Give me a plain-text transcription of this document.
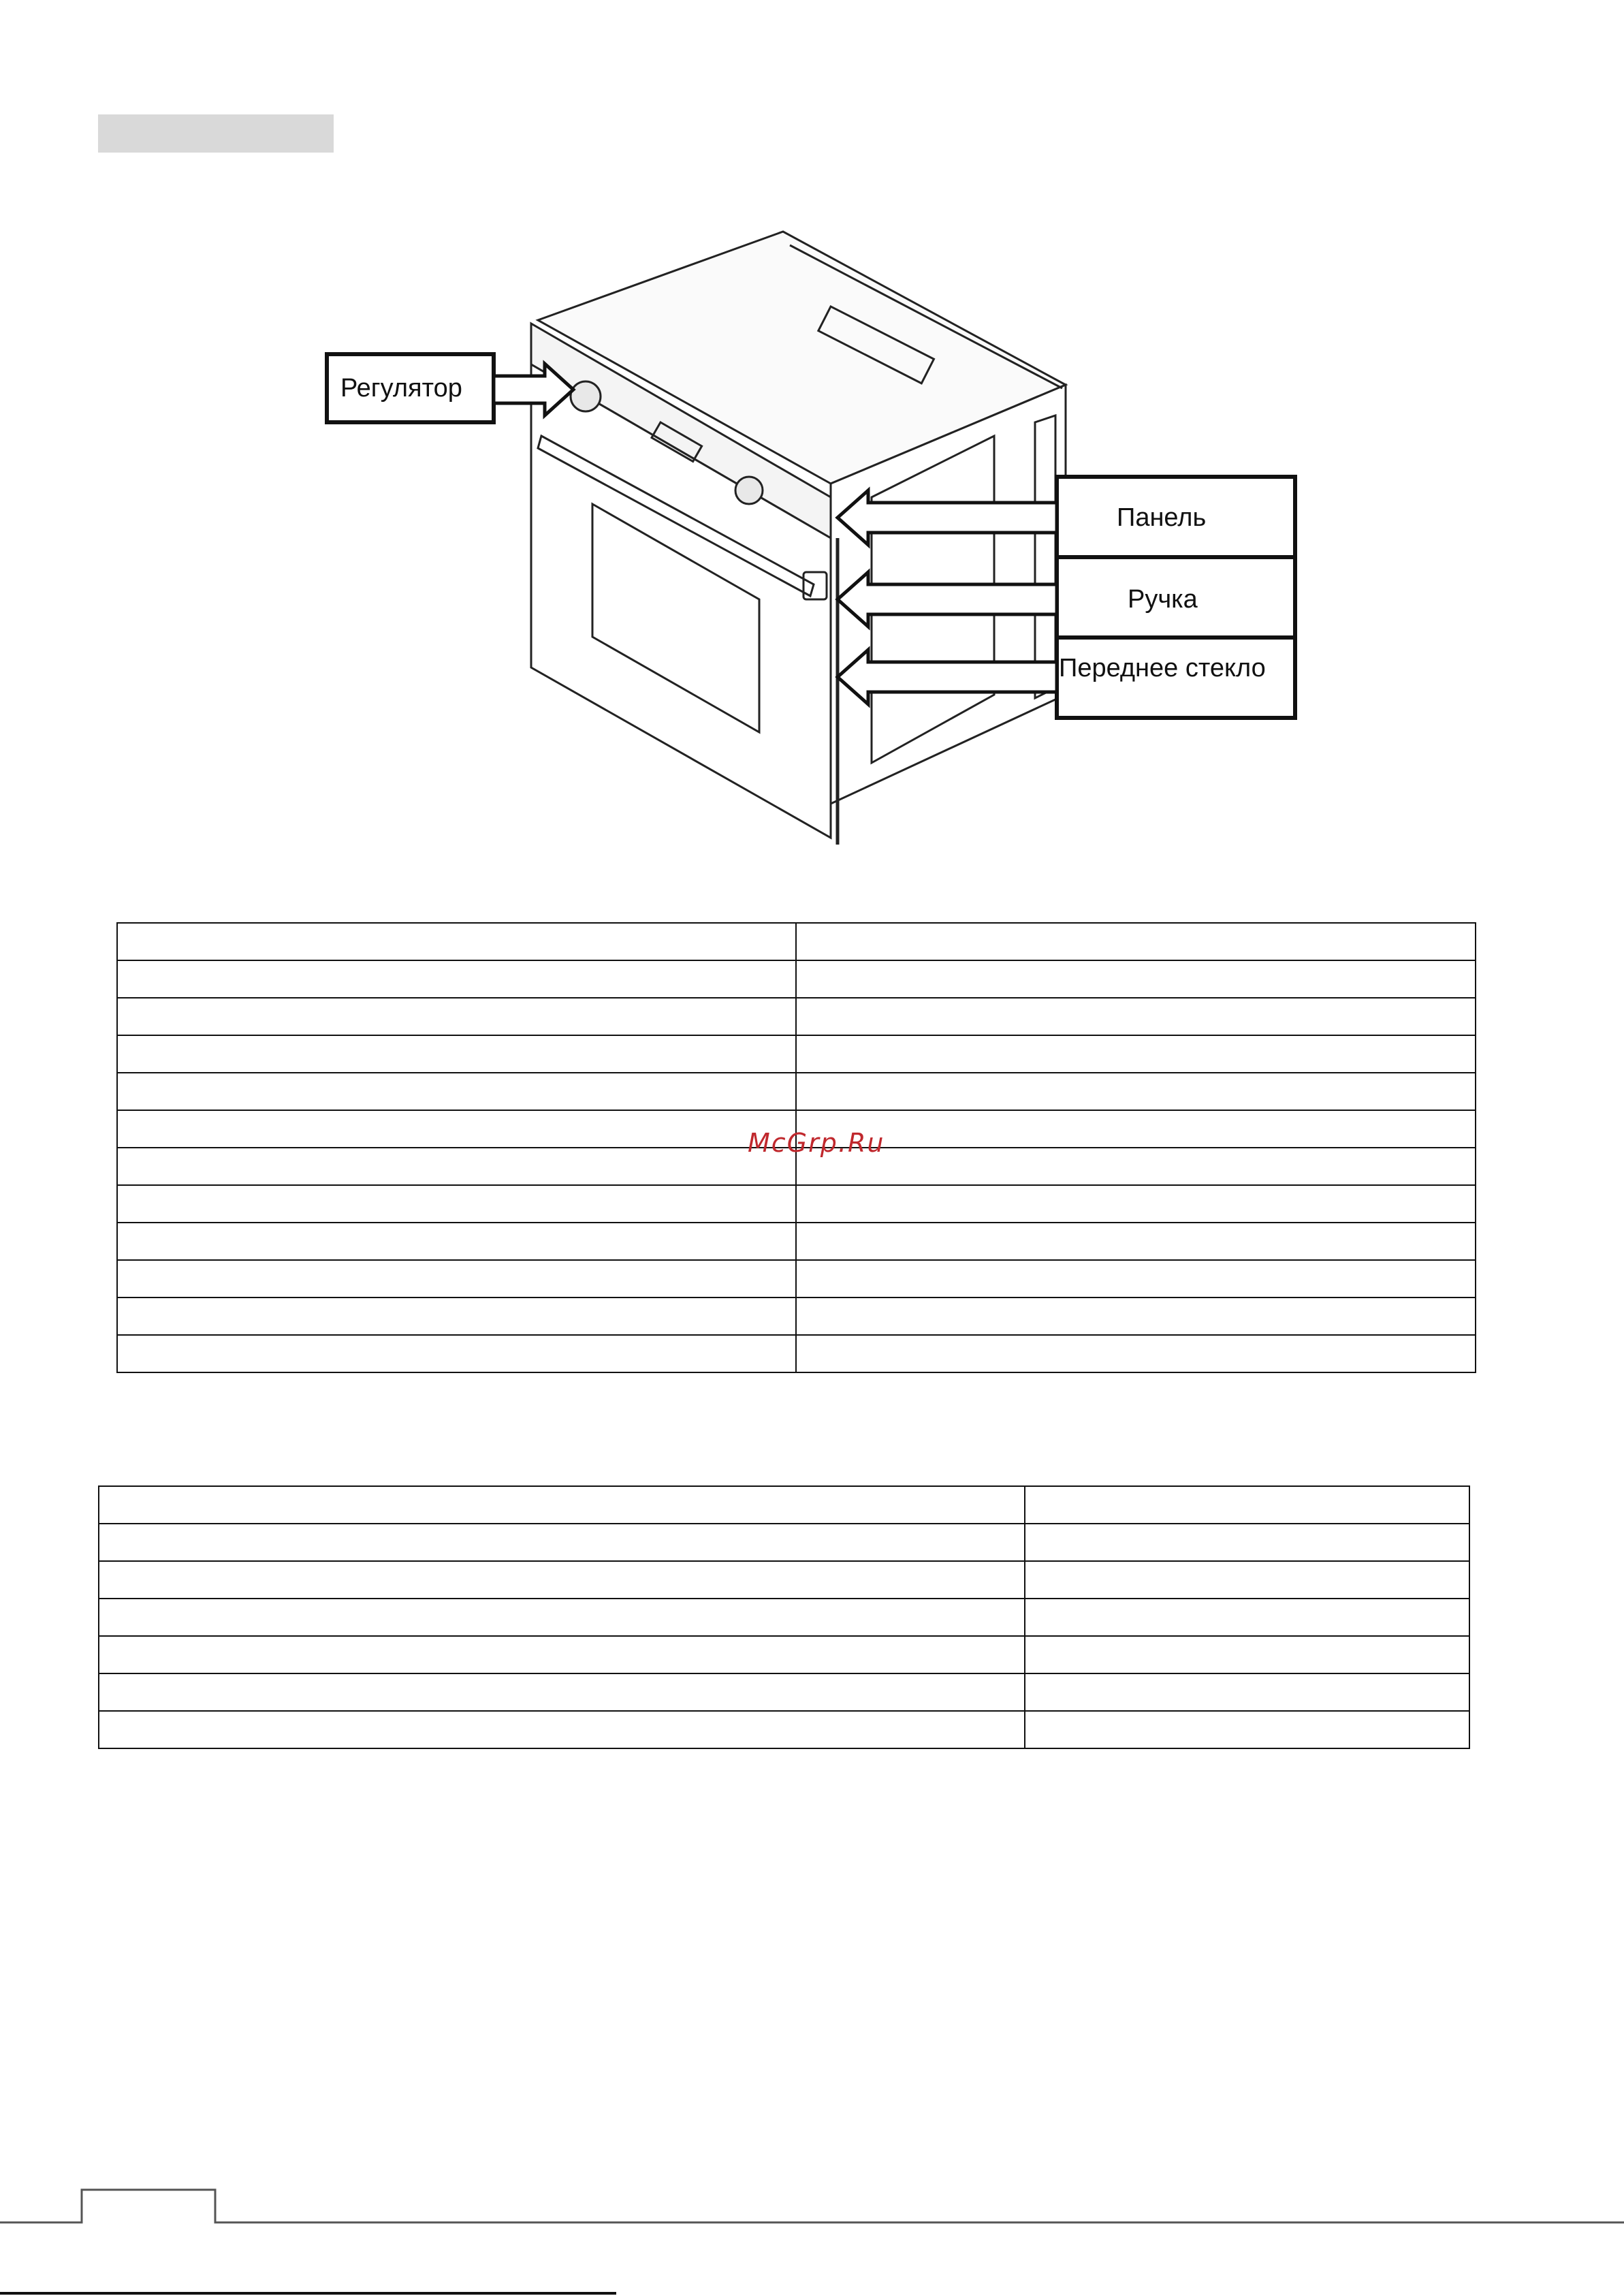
Регулятор
Панель
Ручка
Переднее стекло

McGrp.Ru
